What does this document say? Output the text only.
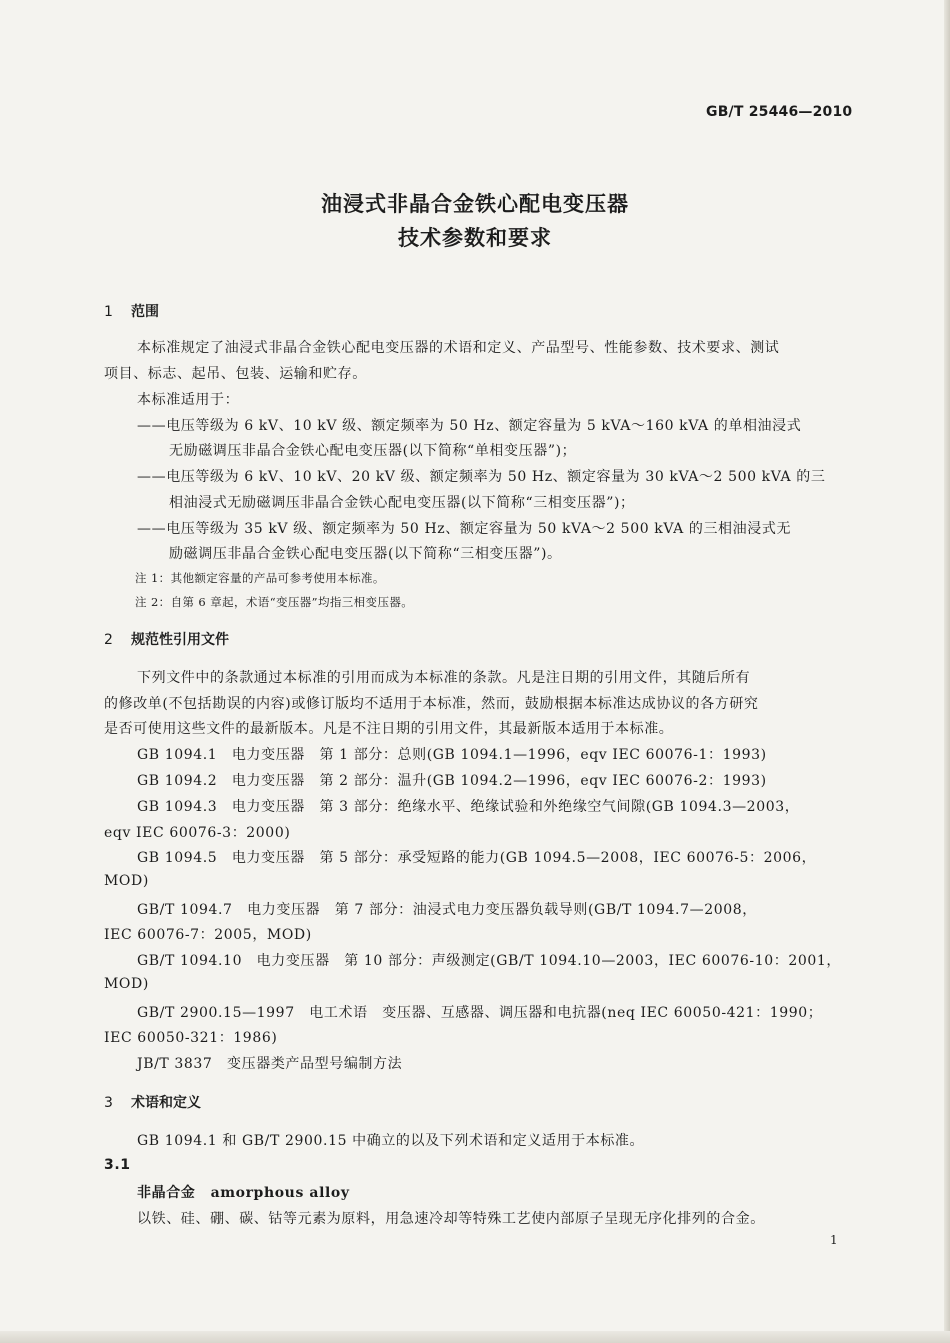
GB/T 25446—2010
油浸式非晶合金铁心配电变压器
技术参数和要求
1 范围
本标准规定了油浸式非晶合金铁心配电变压器的术语和定义、产品型号、性能参数、技术要求、测试
项目、标志、起吊、包装、运输和贮存。
本标准适用于：
——电压等级为 6 kV、10 kV 级、额定频率为 50 Hz、额定容量为 5 kVA～160 kVA 的单相油浸式
无励磁调压非晶合金铁心配电变压器(以下简称“单相变压器”)；
——电压等级为 6 kV、10 kV、20 kV 级、额定频率为 50 Hz、额定容量为 30 kVA～2 500 kVA 的三
相油浸式无励磁调压非晶合金铁心配电变压器(以下简称“三相变压器”)；
——电压等级为 35 kV 级、额定频率为 50 Hz、额定容量为 50 kVA～2 500 kVA 的三相油浸式无
励磁调压非晶合金铁心配电变压器(以下简称“三相变压器”)。
注 1：其他额定容量的产品可参考使用本标准。
注 2：自第 6 章起，术语“变压器”均指三相变压器。
2 规范性引用文件
下列文件中的条款通过本标准的引用而成为本标准的条款。凡是注日期的引用文件，其随后所有
的修改单(不包括勘误的内容)或修订版均不适用于本标准，然而，鼓励根据本标准达成协议的各方研究
是否可使用这些文件的最新版本。凡是不注日期的引用文件，其最新版本适用于本标准。
GB 1094.1　电力变压器　第 1 部分：总则(GB 1094.1—1996，eqv IEC 60076-1：1993)
GB 1094.2　电力变压器　第 2 部分：温升(GB 1094.2—1996，eqv IEC 60076-2：1993)
GB 1094.3　电力变压器　第 3 部分：绝缘水平、绝缘试验和外绝缘空气间隙(GB 1094.3—2003，
eqv IEC 60076-3：2000)
GB 1094.5　电力变压器　第 5 部分：承受短路的能力(GB 1094.5—2008，IEC 60076-5：2006，
MOD)
GB/T 1094.7　电力变压器　第 7 部分：油浸式电力变压器负载导则(GB/T 1094.7—2008，
IEC 60076-7：2005，MOD)
GB/T 1094.10　电力变压器　第 10 部分：声级测定(GB/T 1094.10—2003，IEC 60076-10：2001，
MOD)
GB/T 2900.15—1997　电工术语　变压器、互感器、调压器和电抗器(neq IEC 60050-421：1990；
IEC 60050-321：1986)
JB/T 3837　变压器类产品型号编制方法
3 术语和定义
GB 1094.1 和 GB/T 2900.15 中确立的以及下列术语和定义适用于本标准。
3.1
非晶合金 amorphous alloy
以铁、硅、硼、碳、钴等元素为原料，用急速冷却等特殊工艺使内部原子呈现无序化排列的合金。
1
